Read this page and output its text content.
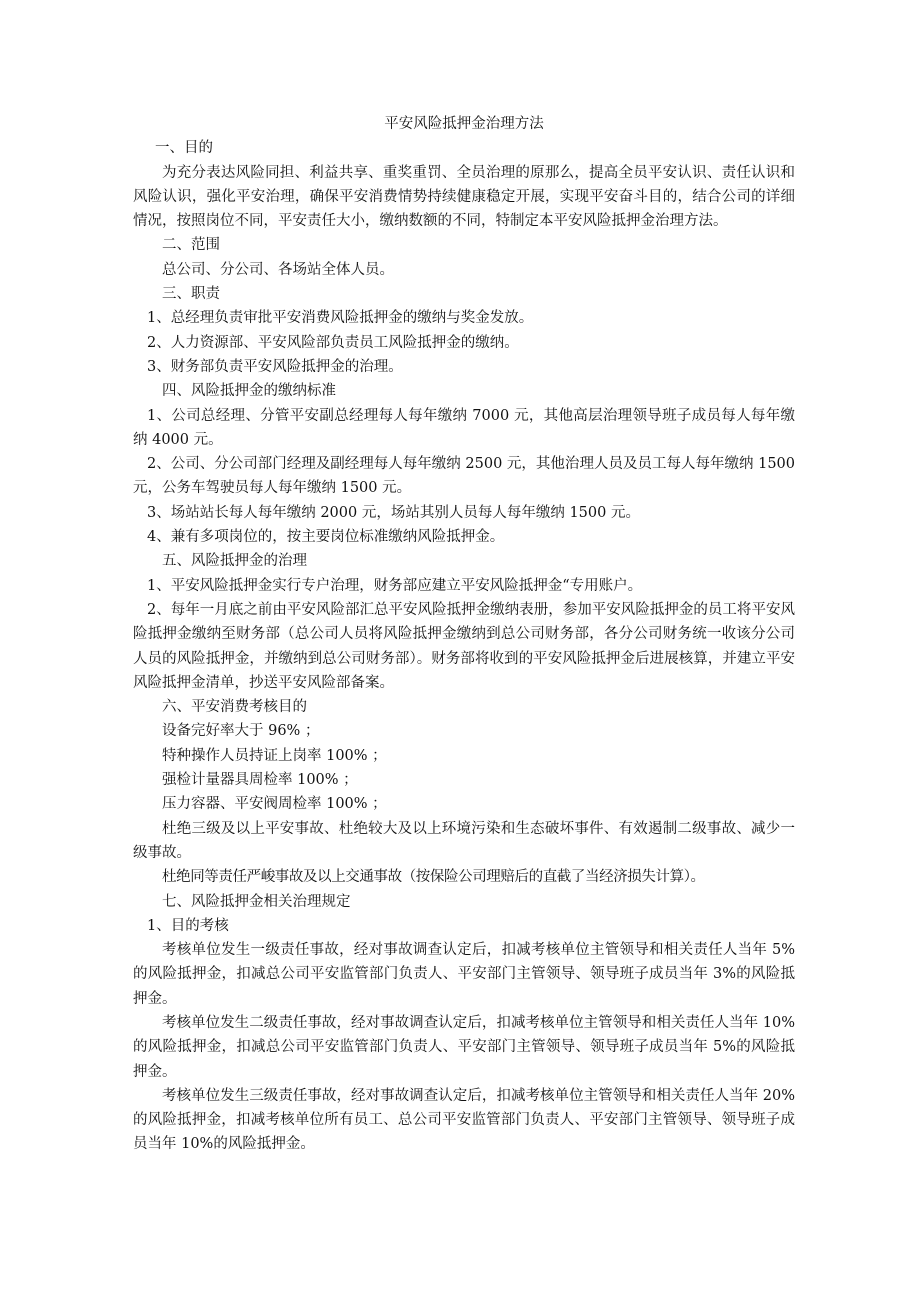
平安风险抵押金治理方法

一、目的

为充分表达风险同担、利益共享、重奖重罚、全员治理的原那么，提高全员平安认识、责任认识和风险认识，强化平安治理，确保平安消费情势持续健康稳定开展，实现平安奋斗目的，结合公司的详细情况，按照岗位不同，平安责任大小，缴纳数额的不同，特制定本平安风险抵押金治理方法。

二、范围

总公司、分公司、各场站全体人员。

三、职责

1、总经理负责审批平安消费风险抵押金的缴纳与奖金发放。

2、人力资源部、平安风险部负责员工风险抵押金的缴纳。

3、财务部负责平安风险抵押金的治理。

四、风险抵押金的缴纳标准

1、公司总经理、分管平安副总经理每人每年缴纳 7000 元，其他高层治理领导班子成员每人每年缴纳 4000 元。

2、公司、分公司部门经理及副经理每人每年缴纳 2500 元，其他治理人员及员工每人每年缴纳 1500 元，公务车驾驶员每人每年缴纳 1500 元。

3、场站站长每人每年缴纳 2000 元，场站其别人员每人每年缴纳 1500 元。

4、兼有多项岗位的，按主要岗位标准缴纳风险抵押金。

五、风险抵押金的治理

1、平安风险抵押金实行专户治理，财务部应建立平安风险抵押金“专用账户。

2、每年一月底之前由平安风险部汇总平安风险抵押金缴纳表册，参加平安风险抵押金的员工将平安风险抵押金缴纳至财务部（总公司人员将风险抵押金缴纳到总公司财务部，各分公司财务统一收该分公司人员的风险抵押金，并缴纳到总公司财务部）。财务部将收到的平安风险抵押金后进展核算，并建立平安风险抵押金清单，抄送平安风险部备案。

六、平安消费考核目的

设备完好率大于 96% ；

特种操作人员持证上岗率 100% ；

强检计量器具周检率 100% ；

压力容器、平安阀周检率 100% ；

杜绝三级及以上平安事故、杜绝较大及以上环境污染和生态破坏事件、有效遏制二级事故、减少一级事故。

杜绝同等责任严峻事故及以上交通事故（按保险公司理赔后的直截了当经济损失计算）。

七、风险抵押金相关治理规定

1、目的考核

考核单位发生一级责任事故，经对事故调查认定后，扣减考核单位主管领导和相关责任人当年 5%的风险抵押金，扣减总公司平安监管部门负责人、平安部门主管领导、领导班子成员当年 3%的风险抵押金。

考核单位发生二级责任事故，经对事故调查认定后，扣减考核单位主管领导和相关责任人当年 10%的风险抵押金，扣减总公司平安监管部门负责人、平安部门主管领导、领导班子成员当年 5%的风险抵押金。

考核单位发生三级责任事故，经对事故调查认定后，扣减考核单位主管领导和相关责任人当年 20%的风险抵押金，扣减考核单位所有员工、总公司平安监管部门负责人、平安部门主管领导、领导班子成员当年 10%的风险抵押金。
